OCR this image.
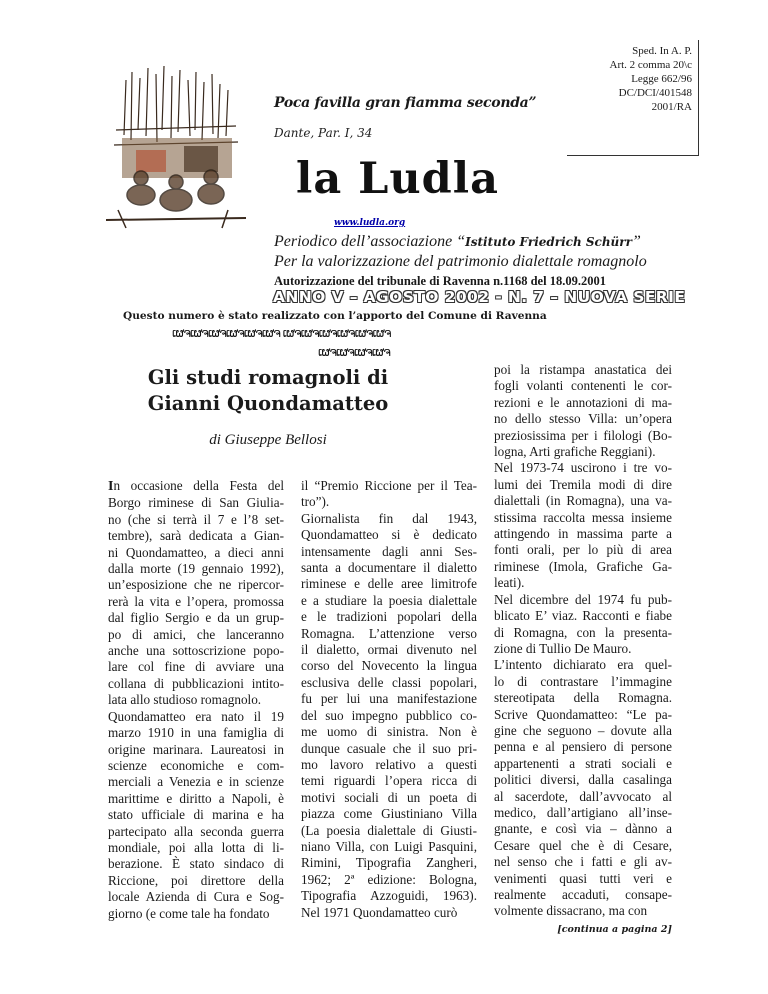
Poca favilla gran fiamma seconda”
Dante, Par. I, 34
Sped. In A. P.
Art. 2 comma 20\c
Legge 662/96
DC/DCI/401548
2001/RA
la Ludla
www.ludla.org
Periodico dell’associazione “Istituto Friedrich Schürr”
Per la valorizzazione del patrimonio dialettale romagnolo
Autorizzazione del tribunale di Ravenna n.1168 del 18.09.2001
ANNO V – AGOSTO 2002 - N. 7 – NUOVA SERIE
Questo numero è stato realizzato con l’apporto del Comune di Ravenna
ເຜຈເຜຈເຜຈເຜຈເຜຈເຜຈ ເຜຈເຜຈເຜຈເຜຈເຜຈເຜຈ
ເຜຈເຜຈເຜຈເຜຈ
Gli studi romagnoli di
Gianni Quondamatteo
di Giuseppe Bellosi
In occasione della Festa del
Borgo riminese di San Giulia-
no (che si terrà il 7 e l’8 set-
tembre), sarà dedicata a Gian-
ni Quondamatteo, a dieci anni
dalla morte (19 gennaio 1992),
un’esposizione che ne ripercor-
rerà la vita e l’opera, promossa
dal figlio Sergio e da un grup-
po di amici, che lanceranno
anche una sottoscrizione popo-
lare col fine di avviare una
collana di pubblicazioni intito-
lata allo studioso romagnolo.
Quondamatteo era nato il 19
marzo 1910 in una famiglia di
origine marinara. Laureatosi in
scienze economiche e com-
merciali a Venezia e in scienze
marittime e diritto a Napoli, è
stato ufficiale di marina e ha
partecipato alla seconda guerra
mondiale, poi alla lotta di li-
berazione. È stato sindaco di
Riccione, poi direttore della
locale Azienda di Cura e Sog-
giorno (e come tale ha fondato
il “Premio Riccione per il Tea-
tro”).
Giornalista fin dal 1943,
Quondamatteo si è dedicato
intensamente dagli anni Ses-
santa a documentare il dialetto
riminese e delle aree limitrofe
e a studiare la poesia dialettale
e le tradizioni popolari della
Romagna. L’attenzione verso
il dialetto, ormai divenuto nel
corso del Novecento la lingua
esclusiva delle classi popolari,
fu per lui una manifestazione
del suo impegno pubblico co-
me uomo di sinistra. Non è
dunque casuale che il suo pri-
mo lavoro relativo a questi
temi riguardi l’opera ricca di
motivi sociali di un poeta di
piazza come Giustiniano Villa
(La poesia dialettale di Giusti-
niano Villa, con Luigi Pasquini,
Rimini, Tipografia Zangheri,
1962; 2ª edizione: Bologna,
Tipografia Azzoguidi, 1963).
Nel 1971 Quondamatteo curò
poi la ristampa anastatica dei
fogli volanti contenenti le cor-
rezioni e le annotazioni di ma-
no dello stesso Villa: un’opera
preziosissima per i filologi (Bo-
logna, Arti grafiche Reggiani).
Nel 1973-74 uscirono i tre vo-
lumi dei Tremila modi di dire
dialettali (in Romagna), una va-
stissima raccolta messa insieme
attingendo in massima parte a
fonti orali, per lo più di area
riminese (Imola, Grafiche Ga-
leati).
Nel dicembre del 1974 fu pub-
blicato E’ viaz. Racconti e fiabe
di Romagna, con la presenta-
zione di Tullio De Mauro.
L’intento dichiarato era quel-
lo di contrastare l’immagine
stereotipata della Romagna.
Scrive Quondamatteo: “Le pa-
gine che seguono – dovute alla
penna e al pensiero di persone
appartenenti a strati sociali e
politici diversi, dalla casalinga
al sacerdote, dall’avvocato al
medico, dall’artigiano all’inse-
gnante, e così via – dànno a
Cesare quel che è di Cesare,
nel senso che i fatti e gli av-
venimenti quasi tutti veri e
realmente accaduti, consape-
volmente dissacrano, ma con
[continua a pagina 2]
